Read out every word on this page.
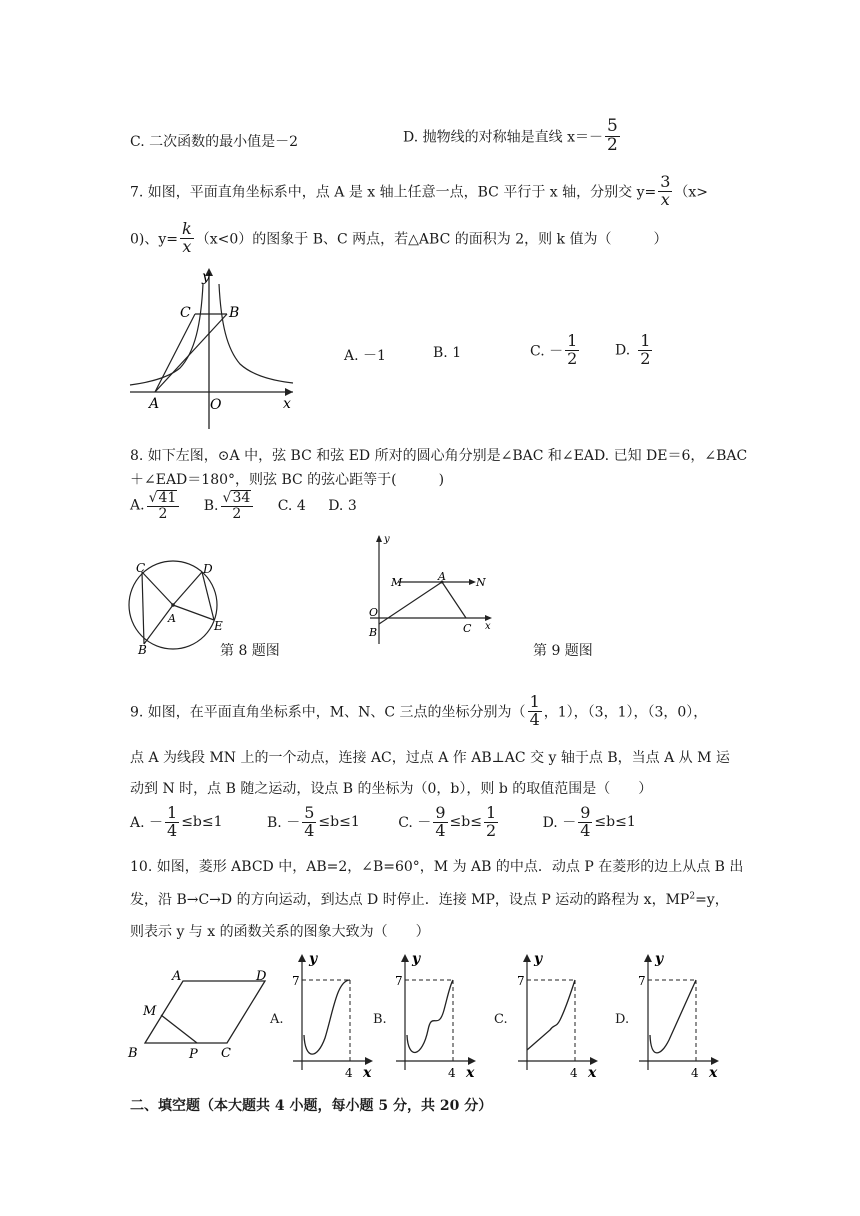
C. 二次函数的最小值是－2	D. 抛物线的对称轴是直线 $x=- \frac{5}{2}$
7. 如图，平面直角坐标系中，点 A 是 x 轴上任意一点，BC 平行于 x 轴，分别交 $y= \frac{3}{x} (x>$
0)、$y= \frac{k}{x} (x<0)$的图象于 B、C 两点，若△ABC 的面积为 2，则 k 值为（　　　）
y
x
C	B
A	O
A. －1	B. 1	C. － $\frac{1}{2}$	D. $\frac{1}{2}$
8. 如下左图，⊙A 中，弦 BC 和弦 ED 所对的圆心角分别是∠BAC 和∠EAD. 已知 DE＝6，∠BAC
＋∠EAD＝180°，则弦 BC 的弦心距等于(　　　)
A. $\frac{√41}{2} B$. $\frac{√34}{2} C$. 4 D. 3
C	D
A
E
B	第 8 题图
y
M	A	N
O
B	C x
第 9 题图
9. 如图，在平面直角坐标系中，M、N、C 三点的坐标分别为（ $\frac{1}{4}$ ，1），（3，1），（3，0），
点 A 为线段 MN 上的一个动点，连接 AC，过点 A 作 AB⊥AC 交 y 轴于点 B，当点 A 从 M 运
动到 N 时，点 B 随之运动，设点 B 的坐标为（0，b），则 b 的取值范围是（　　）
A. － $\frac{1}{4} \le b\le 1$	B. － $\frac{5}{4} \le b\le 1$	C. － $\frac{9}{4} \le b\le \frac{1}{2}$	D. － $\frac{9}{4} \le b\le 1$
10. 如图，菱形 ABCD 中，AB=2，∠B=60°，M 为 AB 的中点．动点 P 在菱形的边上从点 B 出
发，沿 B→C→D 的方向运动，到达点 D 时停止．连接 MP，设点 P 运动的路程为 x，$MP^2=y$，
则表示 y 与 x 的函数关系的图象大致为（　　）
A	D
M
B	P C
A.	B.	C.	D.
y
7
4 x
y
7
4 x
y
7
4 x
y
7
4 x
二、填空题（本大题共 4 小题，每小题 5 分，共 20 分）
